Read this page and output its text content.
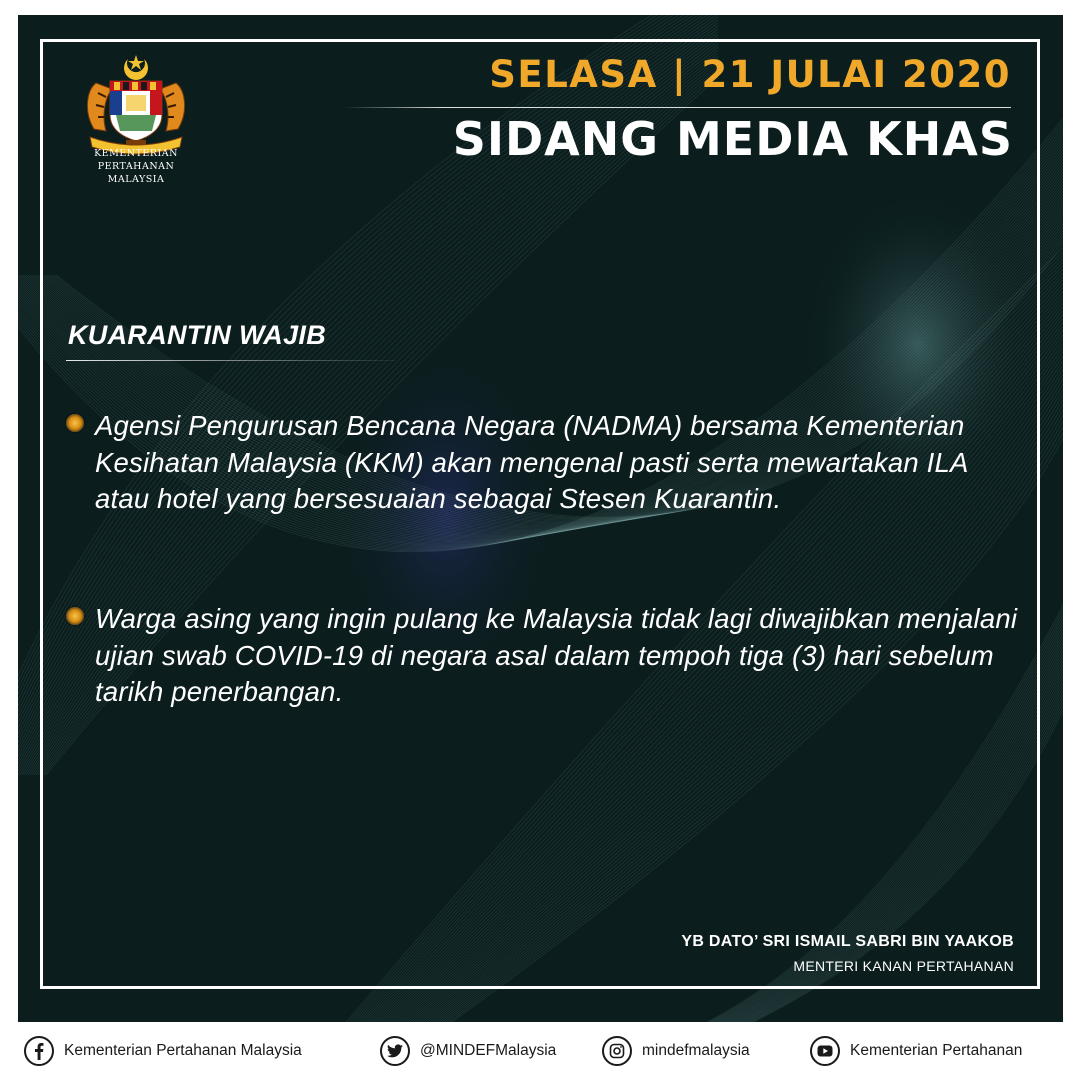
KEMENTERIAN PERTAHANAN
MALAYSIA
SELASA | 21 JULAI 2020
SIDANG MEDIA KHAS
KUARANTIN WAJIB
Agensi Pengurusan Bencana Negara (NADMA) bersama Kementerian Kesihatan Malaysia (KKM) akan mengenal pasti serta mewartakan ILA atau hotel yang bersesuaian sebagai Stesen Kuarantin.
Warga asing yang ingin pulang ke Malaysia tidak lagi diwajibkan menjalani ujian swab COVID-19 di negara asal dalam tempoh tiga (3) hari sebelum tarikh penerbangan.
YB DATO’ SRI ISMAIL SABRI BIN YAAKOB
MENTERI KANAN PERTAHANAN
Kementerian Pertahanan Malaysia	@MINDEFMalaysia	mindefmalaysia	Kementerian Pertahanan
